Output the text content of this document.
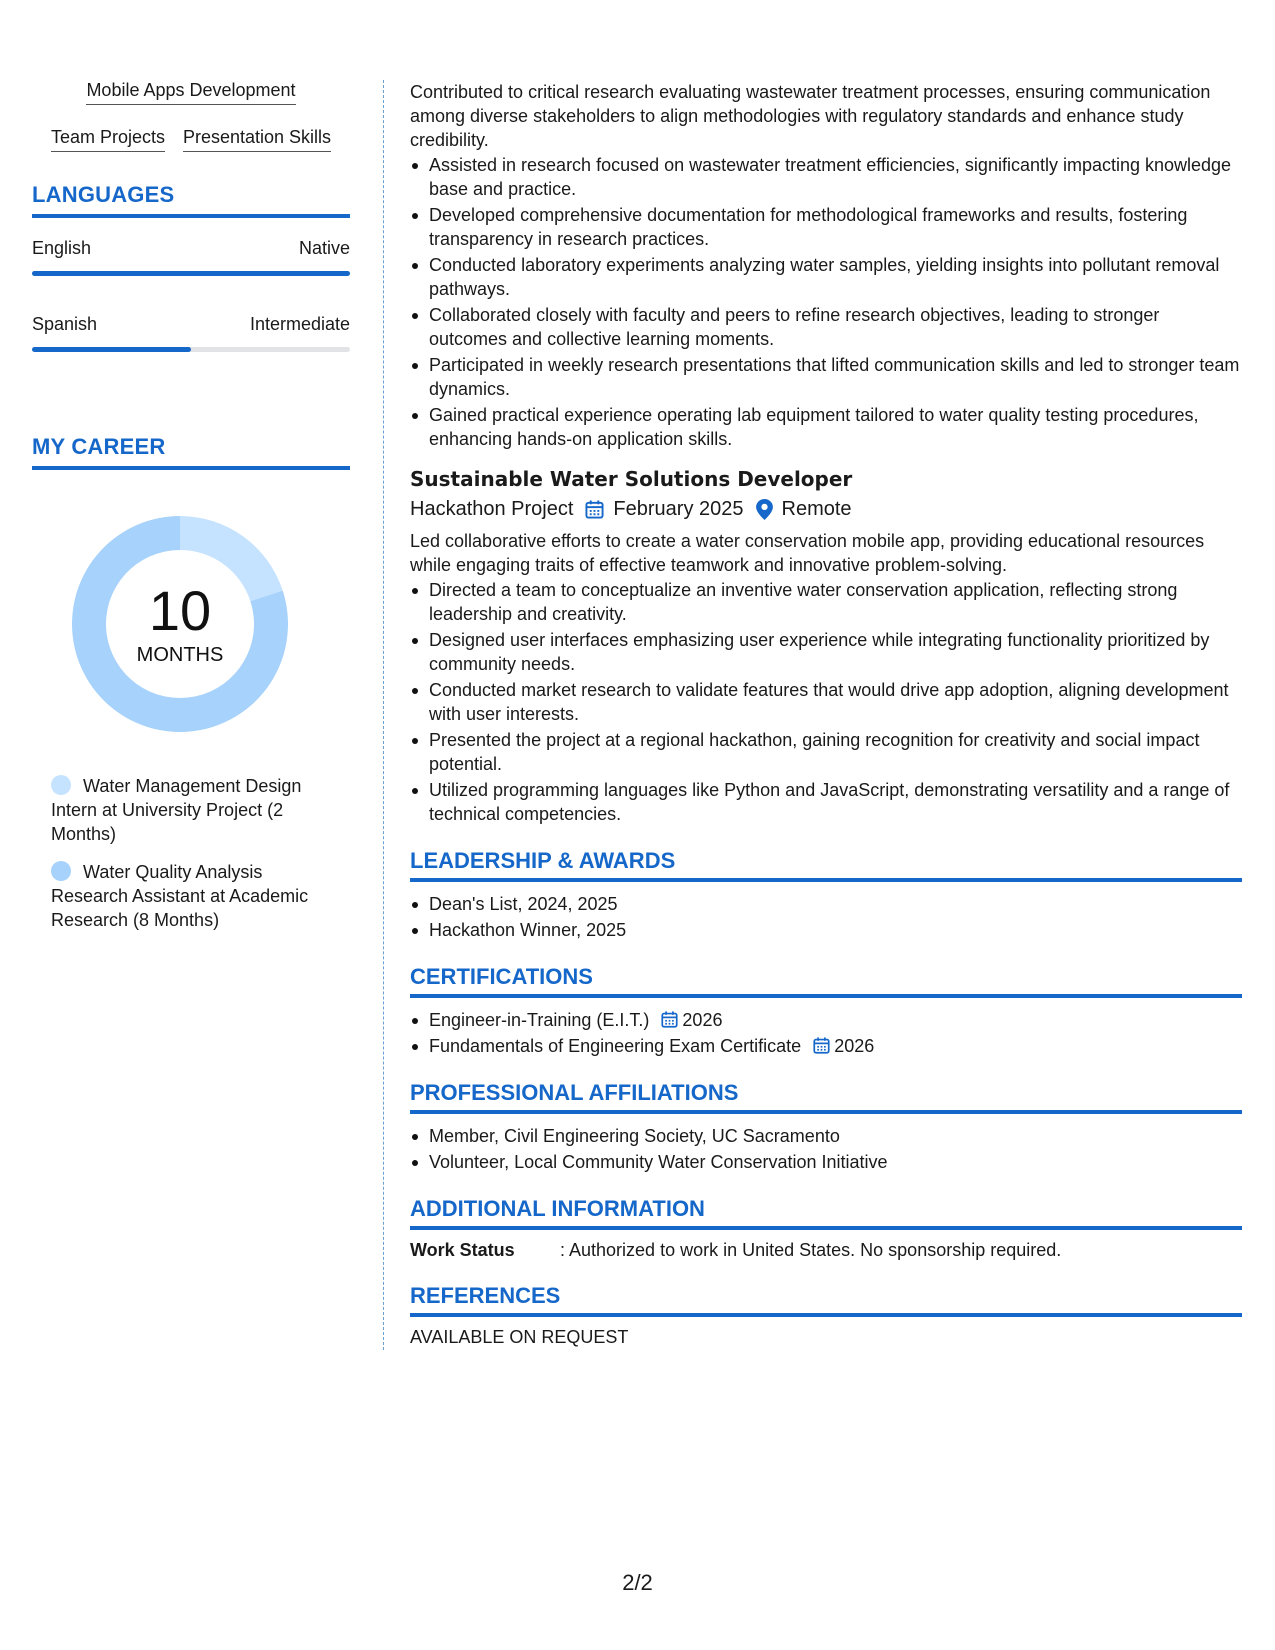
Mobile Apps Development
Team Projects Presentation Skills
LANGUAGES
English	Native
Spanish	Intermediate
MY CAREER
10
MONTHS
Water Management Design Intern at University Project (2 Months)
Water Quality Analysis Research Assistant at Academic Research (8 Months)

Contributed to critical research evaluating wastewater treatment processes, ensuring communication among diverse stakeholders to align methodologies with regulatory standards and enhance study credibility.

Assisted in research focused on wastewater treatment efficiencies, significantly impacting knowledge base and practice.
Developed comprehensive documentation for methodological frameworks and results, fostering transparency in research practices.
Conducted laboratory experiments analyzing water samples, yielding insights into pollutant removal pathways.
Collaborated closely with faculty and peers to refine research objectives, leading to stronger outcomes and collective learning moments.
Participated in weekly research presentations that lifted communication skills and led to stronger team dynamics.
Gained practical experience operating lab equipment tailored to water quality testing procedures, enhancing hands-on application skills.
Sustainable Water Solutions Developer
Hackathon Project February 2025 Remote

Led collaborative efforts to create a water conservation mobile app, providing educational resources while engaging traits of effective teamwork and innovative problem-solving.

Directed a team to conceptualize an inventive water conservation application, reflecting strong leadership and creativity.
Designed user interfaces emphasizing user experience while integrating functionality prioritized by community needs.
Conducted market research to validate features that would drive app adoption, aligning development with user interests.
Presented the project at a regional hackathon, gaining recognition for creativity and social impact potential.
Utilized programming languages like Python and JavaScript, demonstrating versatility and a range of technical competencies.
LEADERSHIP & AWARDS
Dean's List, 2024, 2025
Hackathon Winner, 2025
CERTIFICATIONS
Engineer-in-Training (E.I.T.) 2026
Fundamentals of Engineering Exam Certificate 2026
PROFESSIONAL AFFILIATIONS
Member, Civil Engineering Society, UC Sacramento
Volunteer, Local Community Water Conservation Initiative
ADDITIONAL INFORMATION
Work Status	: Authorized to work in United States. No sponsorship required.
REFERENCES

AVAILABLE ON REQUEST

2/2
